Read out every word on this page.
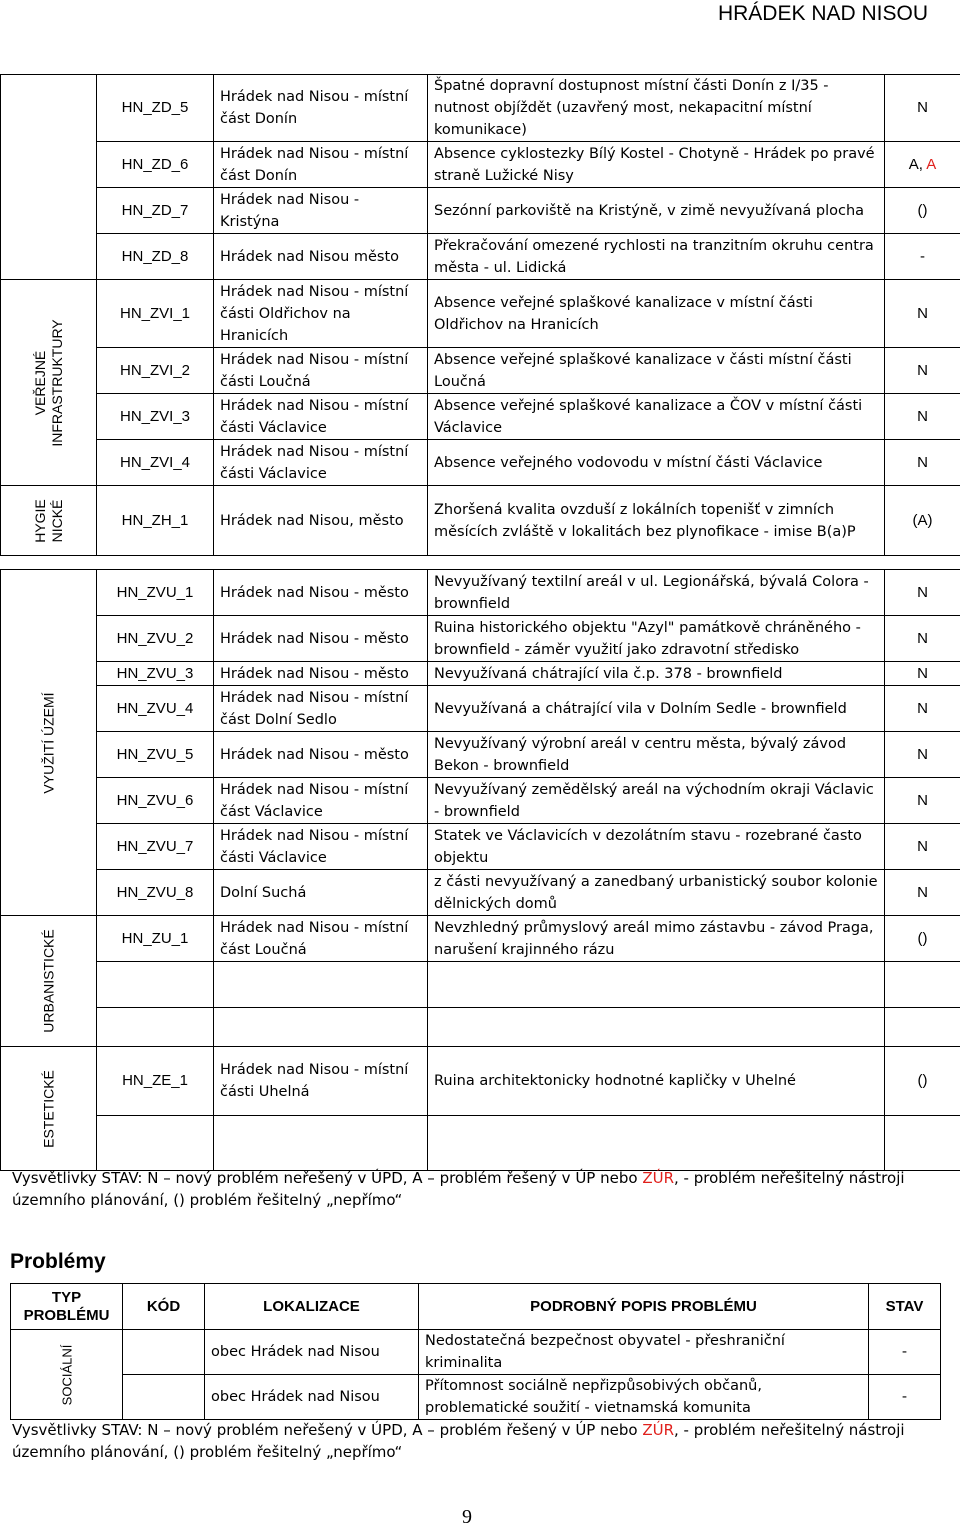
HRÁDEK NAD NISOU
	HN_ZD_5	Hrádek nad Nisou - místní část Donín	Špatné dopravní dostupnost místní části Donín z I/35 - nutnost objíždět (uzavřený most, nekapacitní místní komunikace)	N
	HN_ZD_6	Hrádek nad Nisou - místní část Donín	Absence cyklostezky Bílý Kostel - Chotyně - Hrádek po pravé straně Lužické Nisy	A, A
	HN_ZD_7	Hrádek nad Nisou - Kristýna	Sezónní parkoviště na Kristýně, v zimě nevyužívaná plocha	()
	HN_ZD_8	Hrádek nad Nisou město	Překračování omezené rychlosti na tranzitním okruhu centra města - ul. Lidická	-

VEŘEJNÉ INFRASTRUKTURY	HN_ZVI_1	Hrádek nad Nisou - místní části Oldřichov na Hranicích	Absence veřejné splaškové kanalizace v místní části Oldřichov na Hranicích	N
	HN_ZVI_2	Hrádek nad Nisou - místní části Loučná	Absence veřejné splaškové kanalizace v části místní části Loučná	N
	HN_ZVI_3	Hrádek nad Nisou - místní části Václavice	Absence veřejné splaškové kanalizace a ČOV v místní části Václavice	N
	HN_ZVI_4	Hrádek nad Nisou - místní části Václavice	Absence veřejného vodovodu v místní části Václavice	N

HYGIE NICKÉ	HN_ZH_1	Hrádek nad Nisou, město	Zhoršená kvalita ovzduší z lokálních topenišť v zimních měsících zvláště v lokalitách bez plynofikace - imise B(a)P	(A)

VYUŽITÍ ÚZEMÍ	HN_ZVU_1	Hrádek nad Nisou - město	Nevyužívaný textilní areál v ul. Legionářská, bývalá Colora - brownfield	N
	HN_ZVU_2	Hrádek nad Nisou - město	Ruina historického objektu "Azyl" památkově chráněného - brownfield - záměr využití jako zdravotní středisko	N
	HN_ZVU_3	Hrádek nad Nisou - město	Nevyužívaná chátrající vila č.p. 378 - brownfield	N
	HN_ZVU_4	Hrádek nad Nisou - místní část Dolní Sedlo	Nevyužívaná a chátrající vila v Dolním Sedle - brownfield	N
	HN_ZVU_5	Hrádek nad Nisou - město	Nevyužívaný výrobní areál v centru města, bývalý závod Bekon - brownfield	N
	HN_ZVU_6	Hrádek nad Nisou - místní část Václavice	Nevyužívaný zemědělský areál na východním okraji Václavic - brownfield	N
	HN_ZVU_7	Hrádek nad Nisou - místní části Václavice	Statek ve Václavicích v dezolátním stavu - rozebrané často objektu	N
	HN_ZVU_8	Dolní Suchá	z části nevyužívaný a zanedbaný urbanistický soubor kolonie dělnických domů	N

URBANISTICKÉ	HN_ZU_1	Hrádek nad Nisou - místní část Loučná	Nevzhledný průmyslový areál mimo zástavbu - závod Praga, narušení krajinného rázu	()

ESTETICKÉ	HN_ZE_1	Hrádek nad Nisou - místní části Uhelná	Ruina architektonicky hodnotné kapličky v Uhelné	()

Vysvětlivky STAV: N – nový problém neřešený v ÚPD, A – problém řešený v ÚP nebo ZÚR, - problém neřešitelný nástroji územního plánování, () problém řešitelný „nepřímo“
Problémy
TYP PROBLÉMU	KÓD	LOKALIZACE	PODROBNÝ POPIS PROBLÉMU	STAV

SOCIÁLNÍ		obec Hrádek nad Nisou	Nedostatečná bezpečnost obyvatel - přeshraniční kriminalita	-
		obec Hrádek nad Nisou	Přítomnost sociálně nepřizpůsobivých občanů, problematické soužití - vietnamská komunita	-
Vysvětlivky STAV: N – nový problém neřešený v ÚPD, A – problém řešený v ÚP nebo ZÚR, - problém neřešitelný nástroji územního plánování, () problém řešitelný „nepřímo“
9
